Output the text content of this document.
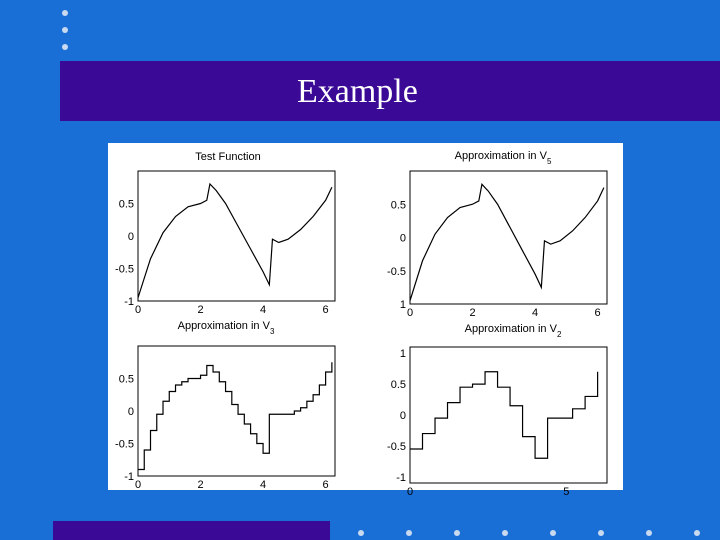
Example
Test Function
0	2	4	6
-1
-0.5
0
0.5
Approximation in $V_5$
0	2	4	6
1
-0.5
0
0.5
Approximation in $V_3$
0	2	4	6
-1
-0.5
0
0.5
Approximation in $V_2$
0	5
-1
-0.5
0
0.5
1
